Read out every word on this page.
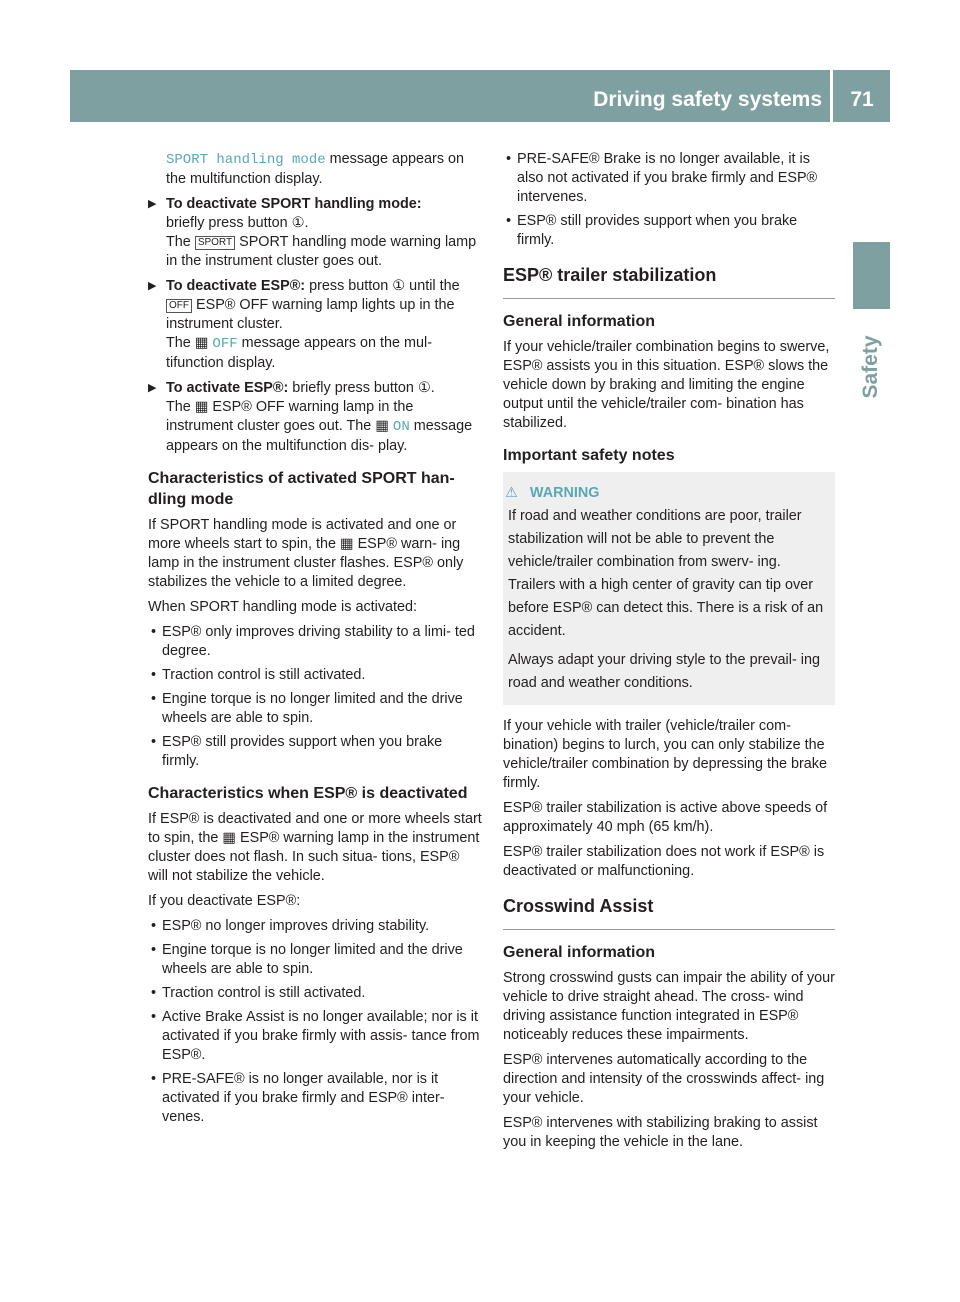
Driving safety systems	71
Safety

SPORT handling mode message appears on the multifunction display.

▶ To deactivate SPORT handling mode:
briefly press button ①.
The SPORT SPORT handling mode warning lamp in the instrument cluster goes out.
▶ To deactivate ESP®: press button ① until the OFF ESP® OFF warning lamp lights up in the instrument cluster.
The ▦ OFF message appears on the mul- tifunction display.
▶ To activate ESP®: briefly press button ①.
The ▦ ESP® OFF warning lamp in the instrument cluster goes out. The ▦ ON message appears on the multifunction dis- play.
Characteristics of activated SPORT han- dling mode

If SPORT handling mode is activated and one or more wheels start to spin, the ▦ ESP® warn- ing lamp in the instrument cluster flashes. ESP® only stabilizes the vehicle to a limited degree.

When SPORT handling mode is activated:

• ESP® only improves driving stability to a limi- ted degree.
• Traction control is still activated.
• Engine torque is no longer limited and the drive wheels are able to spin.
• ESP® still provides support when you brake firmly.
Characteristics when ESP® is deactivated

If ESP® is deactivated and one or more wheels start to spin, the ▦ ESP® warning lamp in the instrument cluster does not flash. In such situa- tions, ESP® will not stabilize the vehicle.

If you deactivate ESP®:

• ESP® no longer improves driving stability.
• Engine torque is no longer limited and the drive wheels are able to spin.
• Traction control is still activated.
• Active Brake Assist is no longer available; nor is it activated if you brake firmly with assis- tance from ESP®.
• PRE-SAFE® is no longer available, nor is it activated if you brake firmly and ESP® inter- venes.
• PRE-SAFE® Brake is no longer available, it is also not activated if you brake firmly and ESP® intervenes.
• ESP® still provides support when you brake firmly.
ESP® trailer stabilization
General information

If your vehicle/trailer combination begins to swerve, ESP® assists you in this situation. ESP® slows the vehicle down by braking and limiting the engine output until the vehicle/trailer com- bination has stabilized.

Important safety notes
⚠ WARNING

If road and weather conditions are poor, trailer stabilization will not be able to prevent the vehicle/trailer combination from swerv- ing. Trailers with a high center of gravity can tip over before ESP® can detect this. There is a risk of an accident.

Always adapt your driving style to the prevail- ing road and weather conditions.

If your vehicle with trailer (vehicle/trailer com- bination) begins to lurch, you can only stabilize the vehicle/trailer combination by depressing the brake firmly.

ESP® trailer stabilization is active above speeds of approximately 40 mph (65 km/h).

ESP® trailer stabilization does not work if ESP® is deactivated or malfunctioning.

Crosswind Assist
General information

Strong crosswind gusts can impair the ability of your vehicle to drive straight ahead. The cross- wind driving assistance function integrated in ESP® noticeably reduces these impairments.

ESP® intervenes automatically according to the direction and intensity of the crosswinds affect- ing your vehicle.

ESP® intervenes with stabilizing braking to assist you in keeping the vehicle in the lane.
